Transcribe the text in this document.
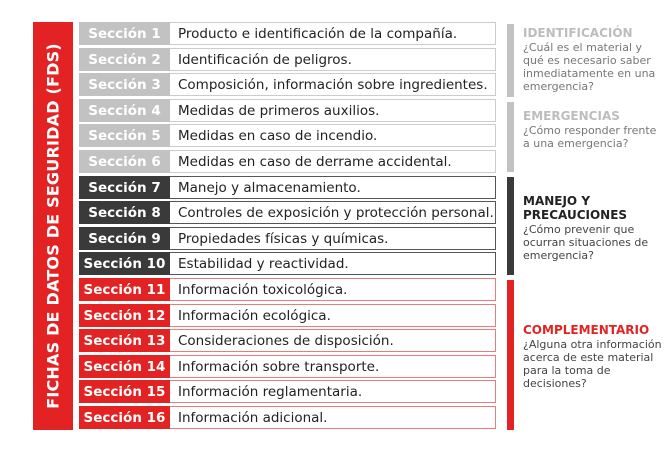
FICHAS DE DATOS DE SEGURIDAD (FDS)
Sección 1	Producto e identificación de la compañía.
Sección 2	Identificación de peligros.
Sección 3	Composición, información sobre ingredientes.
Sección 4	Medidas de primeros auxilios.
Sección 5	Medidas en caso de incendio.
Sección 6	Medidas en caso de derrame accidental.
Sección 7	Manejo y almacenamiento.
Sección 8	Controles de exposición y protección personal.
Sección 9	Propiedades físicas y químicas.
Sección 10 Estabilidad y reactividad.
Sección 11 Información toxicológica.
Sección 12 Información ecológica.
Sección 13 Consideraciones de disposición.
Sección 14 Información sobre transporte.
Sección 15 Información reglamentaria.
Sección 16 Información adicional.
IDENTIFICACIÓN
¿Cuál es el material y qué es necesario saber inmediatamente en una emergencia?
EMERGENCIAS
¿Cómo responder frente a una emergencia?
MANEJO Y PRECAUCIONES
¿Cómo prevenir que ocurran situaciones de emergencia?
COMPLEMENTARIO
¿Alguna otra información acerca de este material para la toma de decisiones?
